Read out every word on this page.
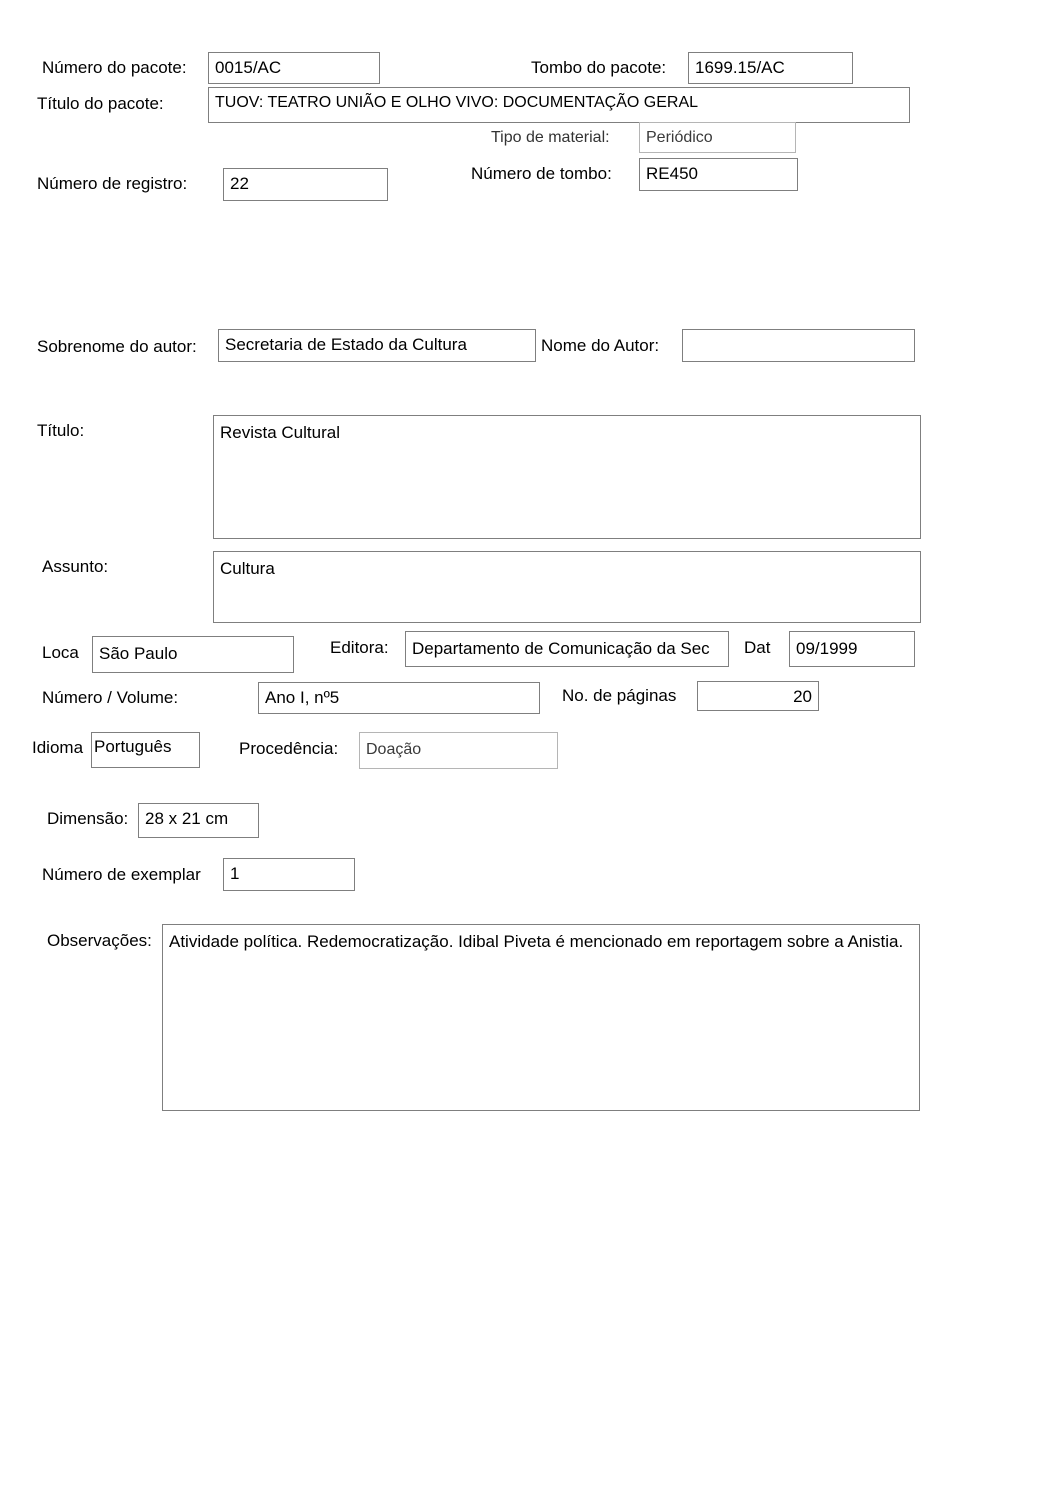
Número do pacote:	0015/AC	Tombo do pacote:	1699.15/AC
Título do pacote:	TUOV: TEATRO UNIÃO E OLHO VIVO: DOCUMENTAÇÃO GERAL
Tipo de material:	Periódico
Número de registro:	22
Número de tombo:	RE450
Sobrenome do autor:	Secretaria de Estado da Cultura	Nome do Autor:
Título:	Revista Cultural
Assunto:	Cultura
Loca	São Paulo	Editora:	Departamento de Comunicação da Sec	Dat	09/1999
Número / Volume:	Ano I, nº5	No. de páginas	20
Idioma Português	Procedência:	Doação
Dimensão: 28 x 21 cm
Número de exemplar	1
Observações:	Atividade política. Redemocratização. Idibal Piveta é mencionado em reportagem sobre a Anistia.
